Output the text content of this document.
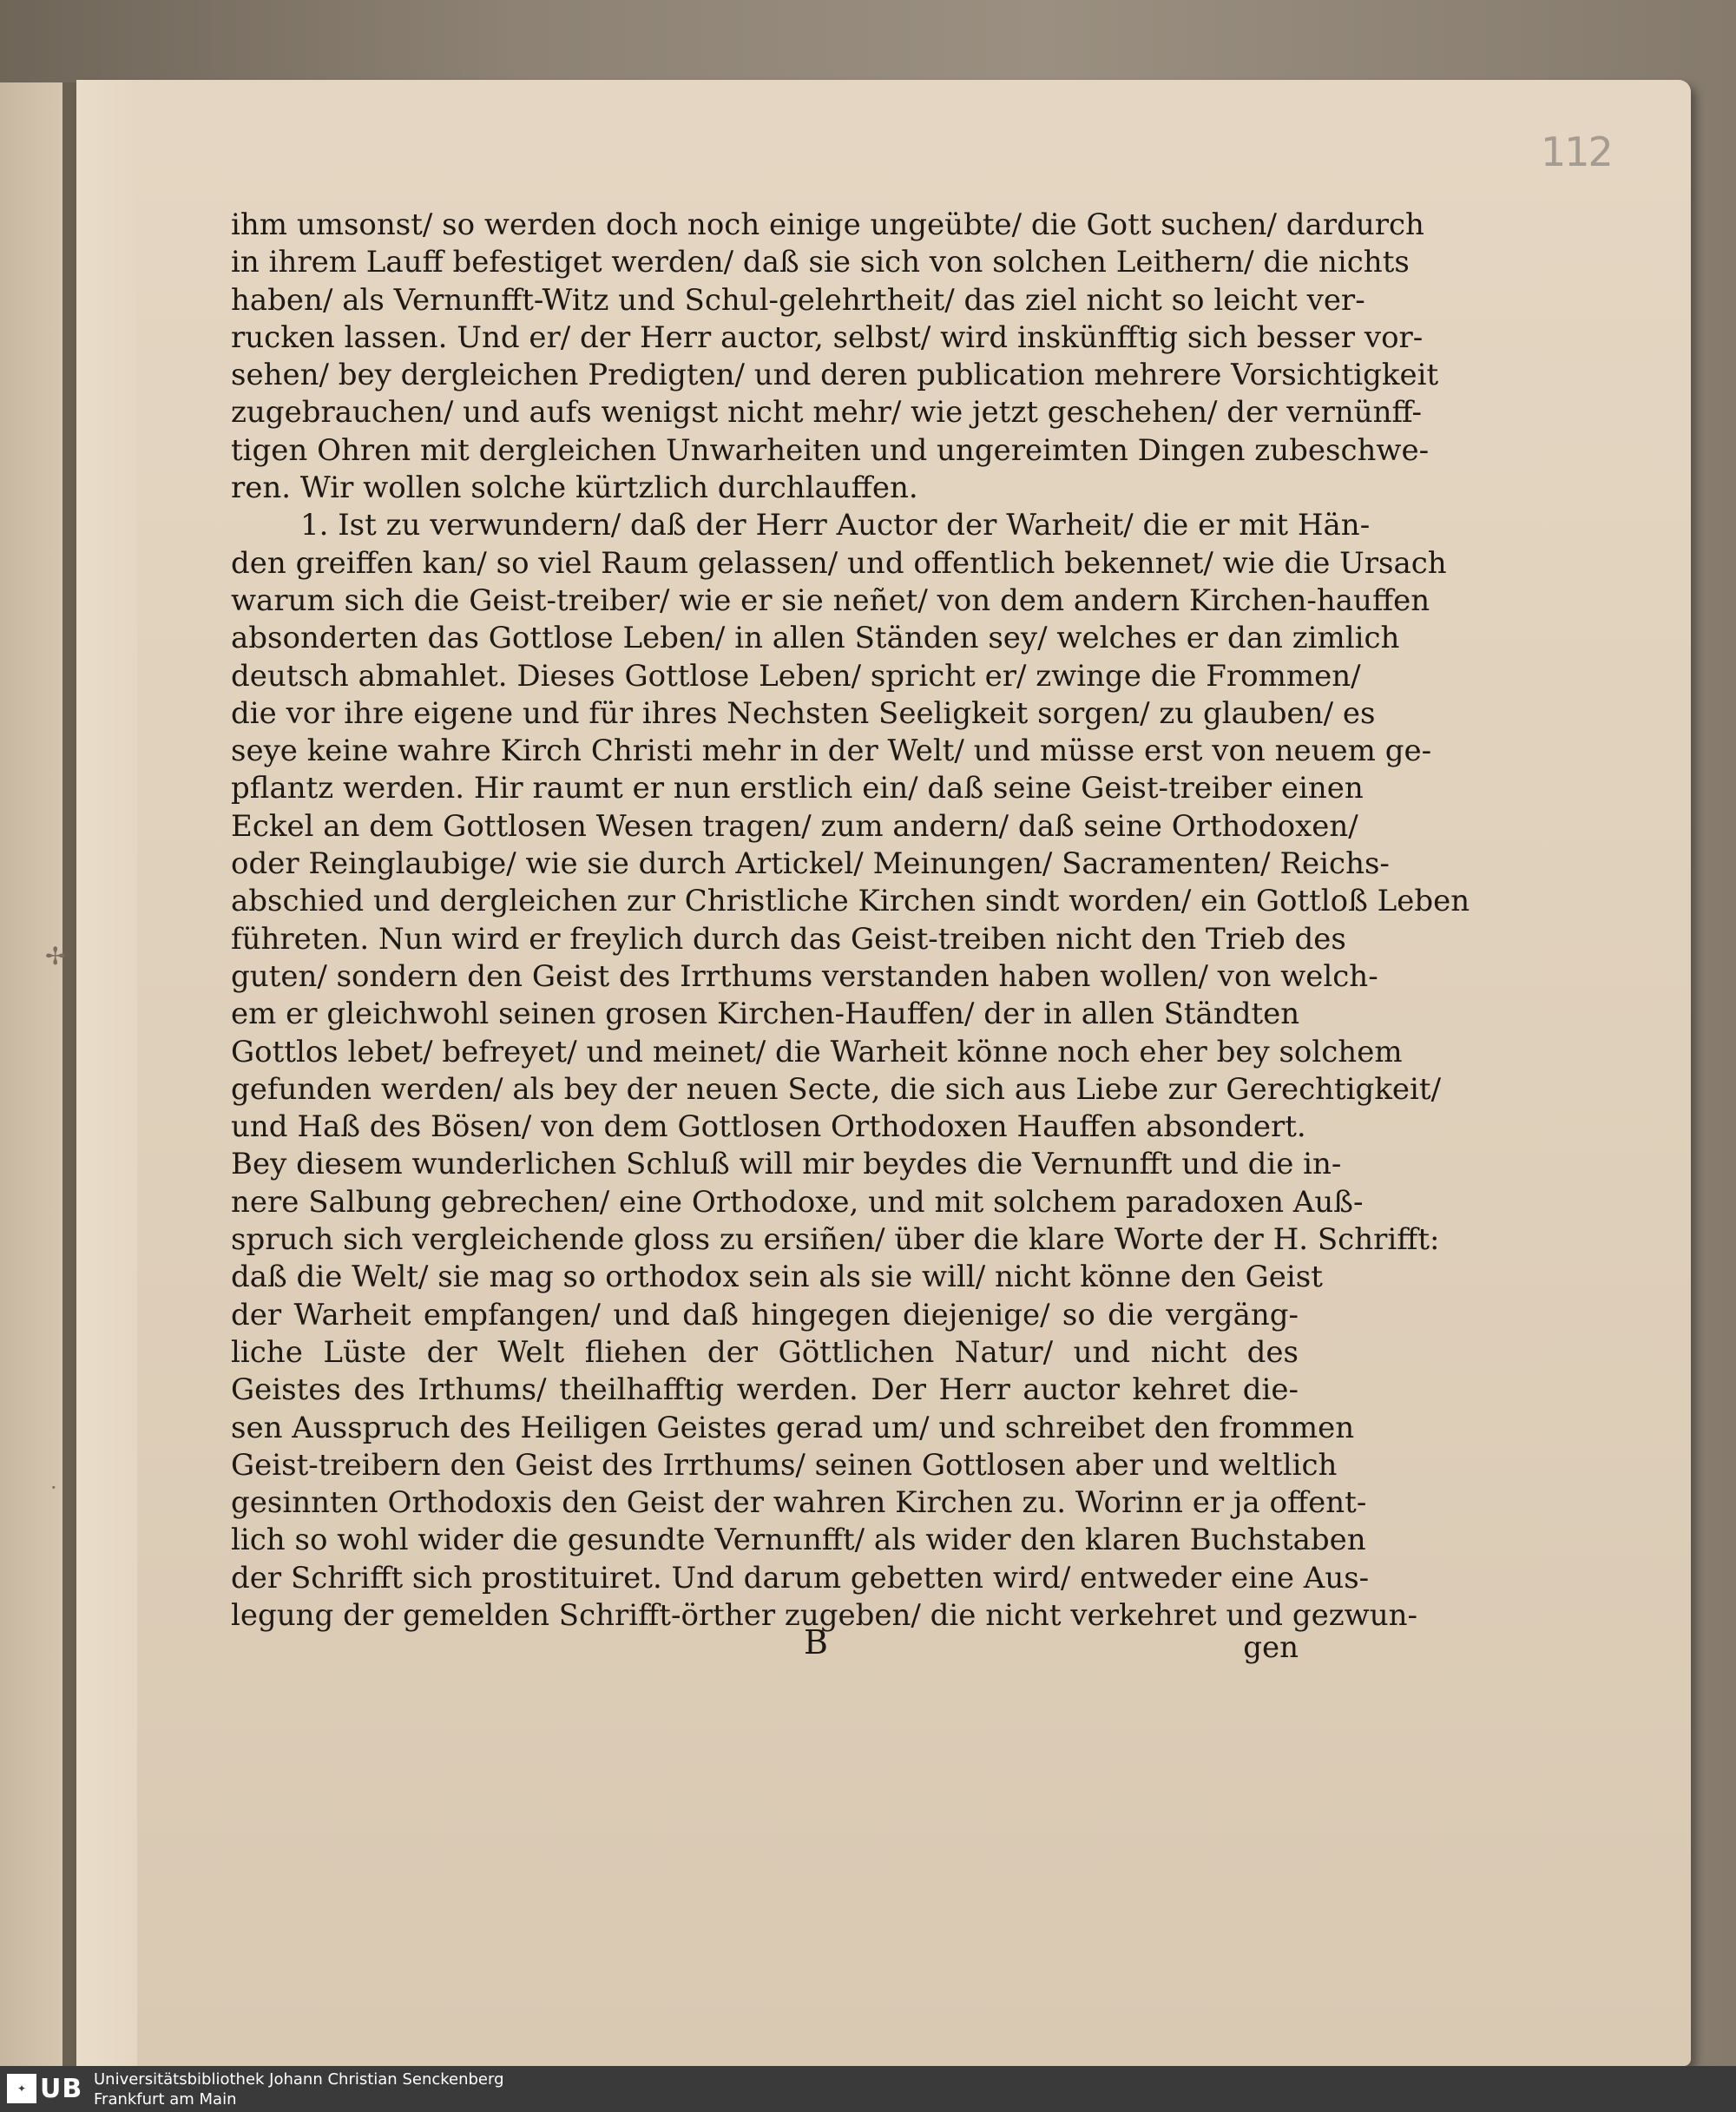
✢
·
112
ihm umsonst/ so werden doch noch einige ungeübte/ die Gott suchen/ dardurch
in ihrem Lauff befestiget werden/ daß sie sich von solchen Leithern/ die nichts
haben/ als Vernunfft-Witz und Schul-gelehrtheit/ das ziel nicht so leicht ver-
rucken lassen. Und er/ der Herr auctor, selbst/ wird inskünfftig sich besser vor-
sehen/ bey dergleichen Predigten/ und deren publication mehrere Vorsichtigkeit
zugebrauchen/ und aufs wenigst nicht mehr/ wie jetzt geschehen/ der vernünff-
tigen Ohren mit dergleichen Unwarheiten und ungereimten Dingen zubeschwe-
ren. Wir wollen solche kürtzlich durchlauffen.
1. Ist zu verwundern/ daß der Herr Auctor der Warheit/ die er mit Hän-
den greiffen kan/ so viel Raum gelassen/ und offentlich bekennet/ wie die Ursach
warum sich die Geist-treiber/ wie er sie neñet/ von dem andern Kirchen-hauffen
absonderten das Gottlose Leben/ in allen Ständen sey/ welches er dan zimlich
deutsch abmahlet. Dieses Gottlose Leben/ spricht er/ zwinge die Frommen/
die vor ihre eigene und für ihres Nechsten Seeligkeit sorgen/ zu glauben/ es
seye keine wahre Kirch Christi mehr in der Welt/ und müsse erst von neuem ge-
pflantz werden. Hir raumt er nun erstlich ein/ daß seine Geist-treiber einen
Eckel an dem Gottlosen Wesen tragen/ zum andern/ daß seine Orthodoxen/
oder Reinglaubige/ wie sie durch Artickel/ Meinungen/ Sacramenten/ Reichs-
abschied und dergleichen zur Christliche Kirchen sindt worden/ ein Gottloß Leben
führeten. Nun wird er freylich durch das Geist-treiben nicht den Trieb des
guten/ sondern den Geist des Irrthums verstanden haben wollen/ von welch-
em er gleichwohl seinen grosen Kirchen-Hauffen/ der in allen Ständten
Gottlos lebet/ befreyet/ und meinet/ die Warheit könne noch eher bey solchem
gefunden werden/ als bey der neuen Secte, die sich aus Liebe zur Gerechtigkeit/
und Haß des Bösen/ von dem Gottlosen Orthodoxen Hauffen absondert.
Bey diesem wunderlichen Schluß will mir beydes die Vernunfft und die in-
nere Salbung gebrechen/ eine Orthodoxe, und mit solchem paradoxen Auß-
spruch sich vergleichende gloss zu ersiñen/ über die klare Worte der H. Schrifft:
daß die Welt/ sie mag so orthodox sein als sie will/ nicht könne den Geist
der Warheit empfangen/ und daß hingegen diejenige/ so die vergäng-
liche Lüste der Welt fliehen der Göttlichen Natur/ und nicht des
Geistes des Irthums/ theilhafftig werden. Der Herr auctor kehret die-
sen Ausspruch des Heiligen Geistes gerad um/ und schreibet den frommen
Geist-treibern den Geist des Irrthums/ seinen Gottlosen aber und weltlich
gesinnten Orthodoxis den Geist der wahren Kirchen zu. Worinn er ja offent-
lich so wohl wider die gesundte Vernunfft/ als wider den klaren Buchstaben
der Schrifft sich prostituiret. Und darum gebetten wird/ entweder eine Aus-
legung der gemelden Schrifft-örther zugeben/ die nicht verkehret und gezwun-
B	gen
✦ UB Universitätsbibliothek Johann Christian Senckenberg
Frankfurt am Main
